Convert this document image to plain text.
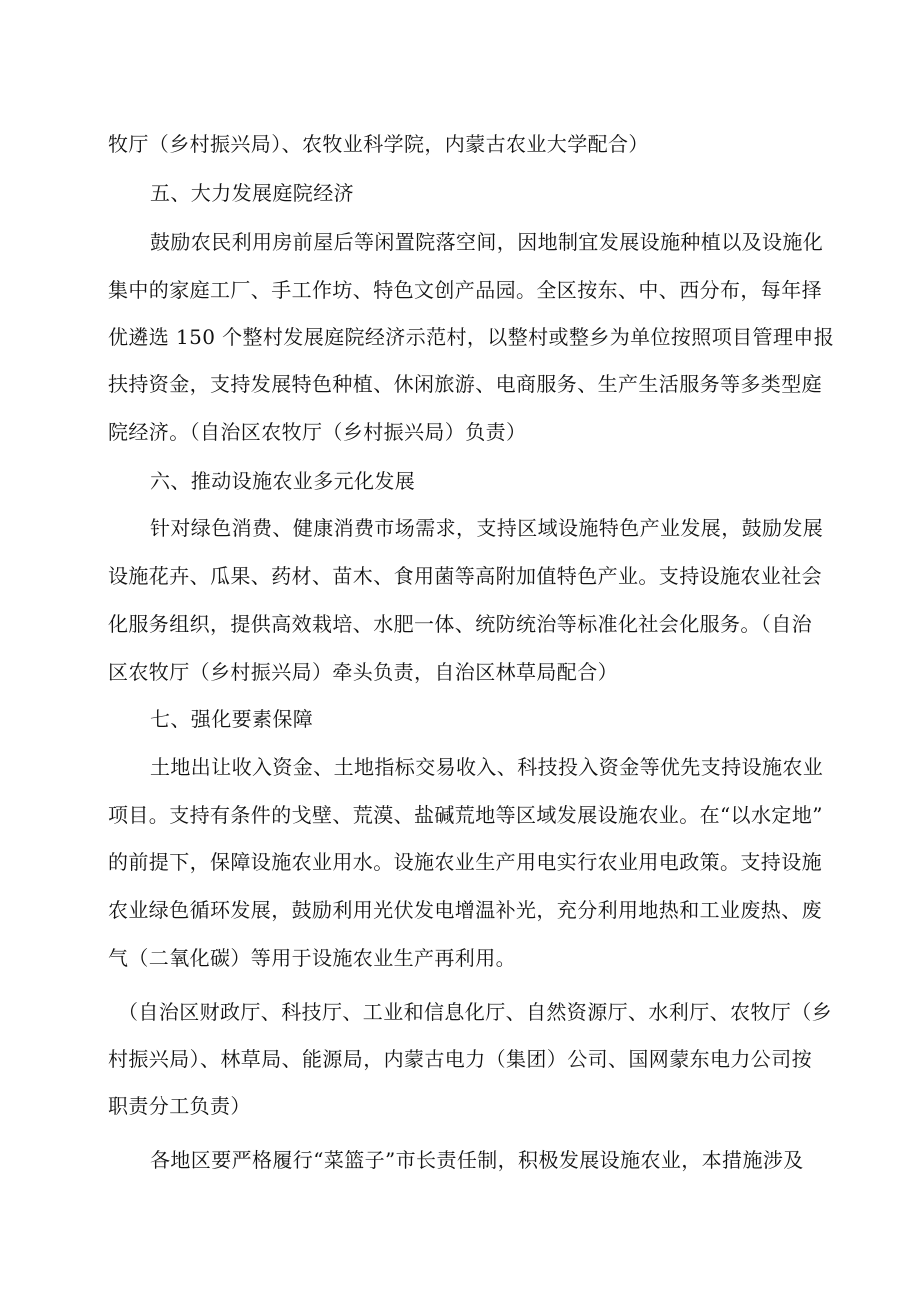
牧厅（乡村振兴局）、农牧业科学院，内蒙古农业大学配合）
五、大力发展庭院经济
鼓励农民利用房前屋后等闲置院落空间，因地制宜发展设施种植以及设施化
集中的家庭工厂、手工作坊、特色文创产品园。全区按东、中、西分布，每年择
优遴选 150 个整村发展庭院经济示范村，以整村或整乡为单位按照项目管理申报
扶持资金，支持发展特色种植、休闲旅游、电商服务、生产生活服务等多类型庭
院经济。（自治区农牧厅（乡村振兴局）负责）
六、推动设施农业多元化发展
针对绿色消费、健康消费市场需求，支持区域设施特色产业发展，鼓励发展
设施花卉、瓜果、药材、苗木、食用菌等高附加值特色产业。支持设施农业社会
化服务组织，提供高效栽培、水肥一体、统防统治等标准化社会化服务。（自治
区农牧厅（乡村振兴局）牵头负责，自治区林草局配合）
七、强化要素保障
土地出让收入资金、土地指标交易收入、科技投入资金等优先支持设施农业
项目。支持有条件的戈壁、荒漠、盐碱荒地等区域发展设施农业。在“以水定地”
的前提下，保障设施农业用水。设施农业生产用电实行农业用电政策。支持设施
农业绿色循环发展，鼓励利用光伏发电增温补光，充分利用地热和工业废热、废
气（二氧化碳）等用于设施农业生产再利用。
（自治区财政厅、科技厅、工业和信息化厅、自然资源厅、水利厅、农牧厅（乡
村振兴局）、林草局、能源局，内蒙古电力（集团）公司、国网蒙东电力公司按
职责分工负责）
各地区要严格履行“菜篮子”市长责任制，积极发展设施农业，本措施涉及
